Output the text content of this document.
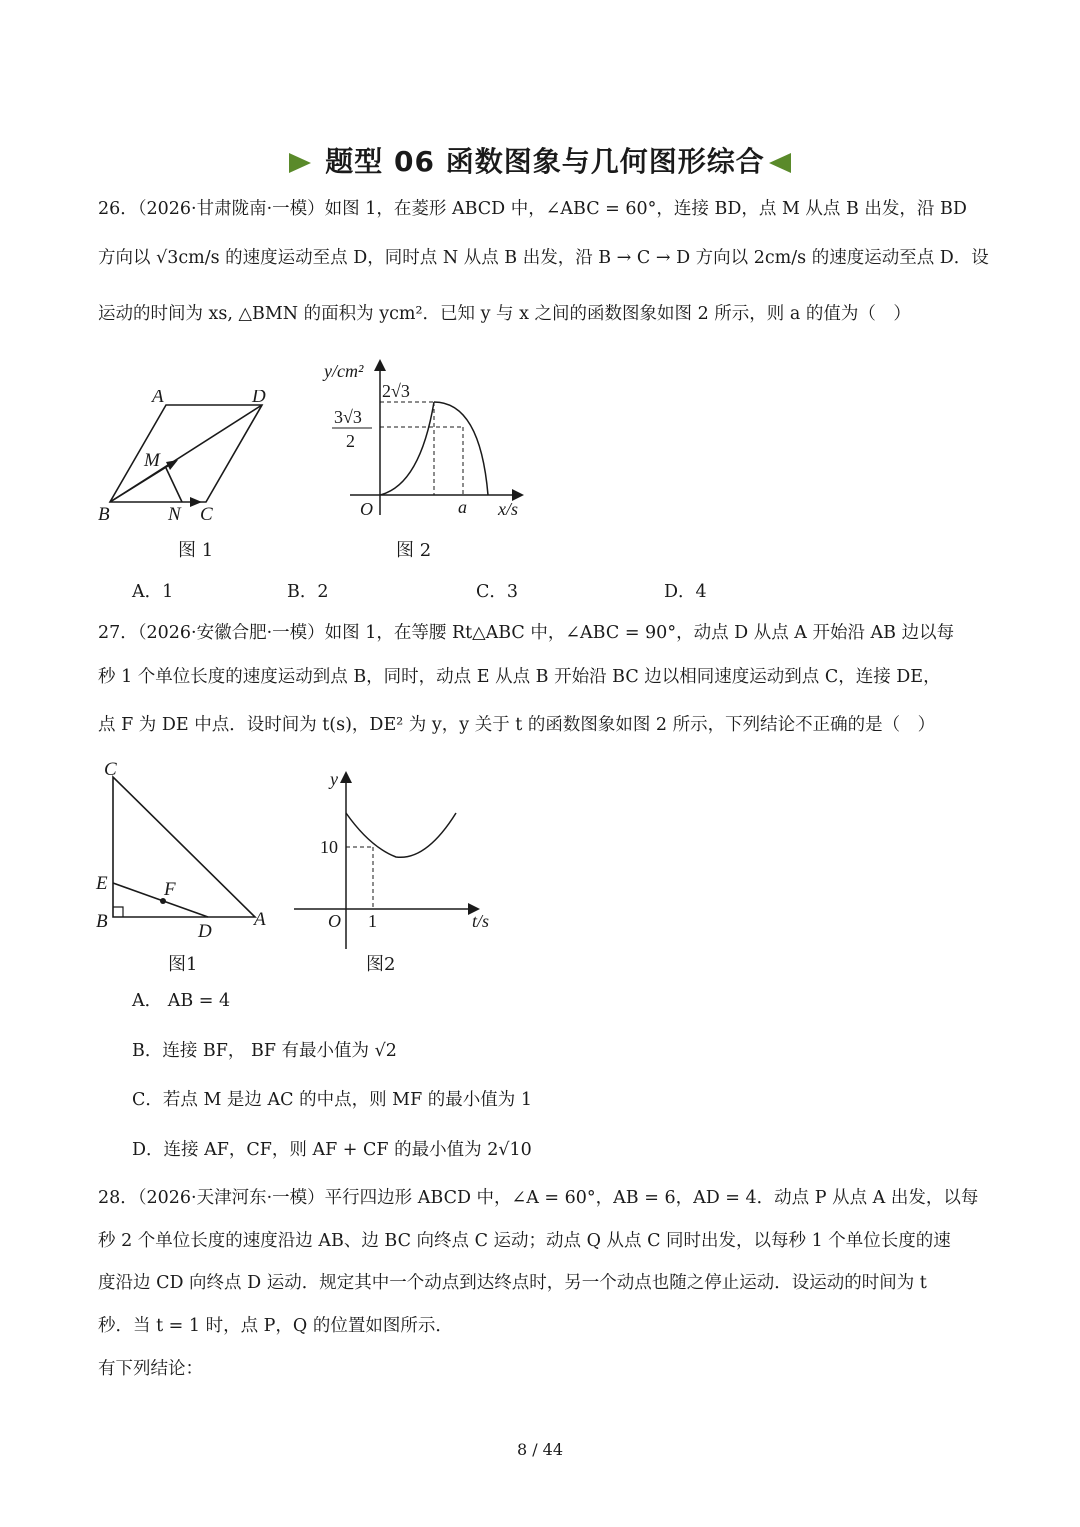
题型 06 函数图象与几何图形综合
26．（2026·甘肃陇南·一模）如图 1，在菱形 ABCD 中，∠ABC = 60°，连接 BD，点 M 从点 B 出发，沿 BD
方向以 √3cm/s 的速度运动至点 D，同时点 N 从点 B 出发，沿 B → C → D 方向以 2cm/s 的速度运动至点 D．设
运动的时间为 xs, △BMN 的面积为 ycm²．已知 y 与 x 之间的函数图象如图 2 所示，则 a 的值为（　）
A	D
B	C
M
N
图 1
y/cm²
2√3
3√3
2
O	a x/s
图 2
A．1	B．2	C．3	D．4
27．（2026·安徽合肥·一模）如图 1，在等腰 Rt△ABC 中，∠ABC = 90°，动点 D 从点 A 开始沿 AB 边以每
秒 1 个单位长度的速度运动到点 B，同时，动点 E 从点 B 开始沿 BC 边以相同速度运动到点 C，连接 DE，
点 F 为 DE 中点．设时间为 t(s)，DE² 为 y，y 关于 t 的函数图象如图 2 所示，下列结论不正确的是（　）
C
E
B	D
A
F
图1
y
10
O 1	t/s
图2
A． AB = 4
B．连接 BF， BF 有最小值为 √2
C．若点 M 是边 AC 的中点，则 MF 的最小值为 1
D．连接 AF，CF，则 AF + CF 的最小值为 2√10
28．（2026·天津河东·一模）平行四边形 ABCD 中，∠A = 60°，AB = 6，AD = 4．动点 P 从点 A 出发，以每
秒 2 个单位长度的速度沿边 AB、边 BC 向终点 C 运动；动点 Q 从点 C 同时出发，以每秒 1 个单位长度的速
度沿边 CD 向终点 D 运动．规定其中一个动点到达终点时，另一个动点也随之停止运动．设运动的时间为 t
秒．当 t = 1 时，点 P，Q 的位置如图所示．
有下列结论：
8 / 44
